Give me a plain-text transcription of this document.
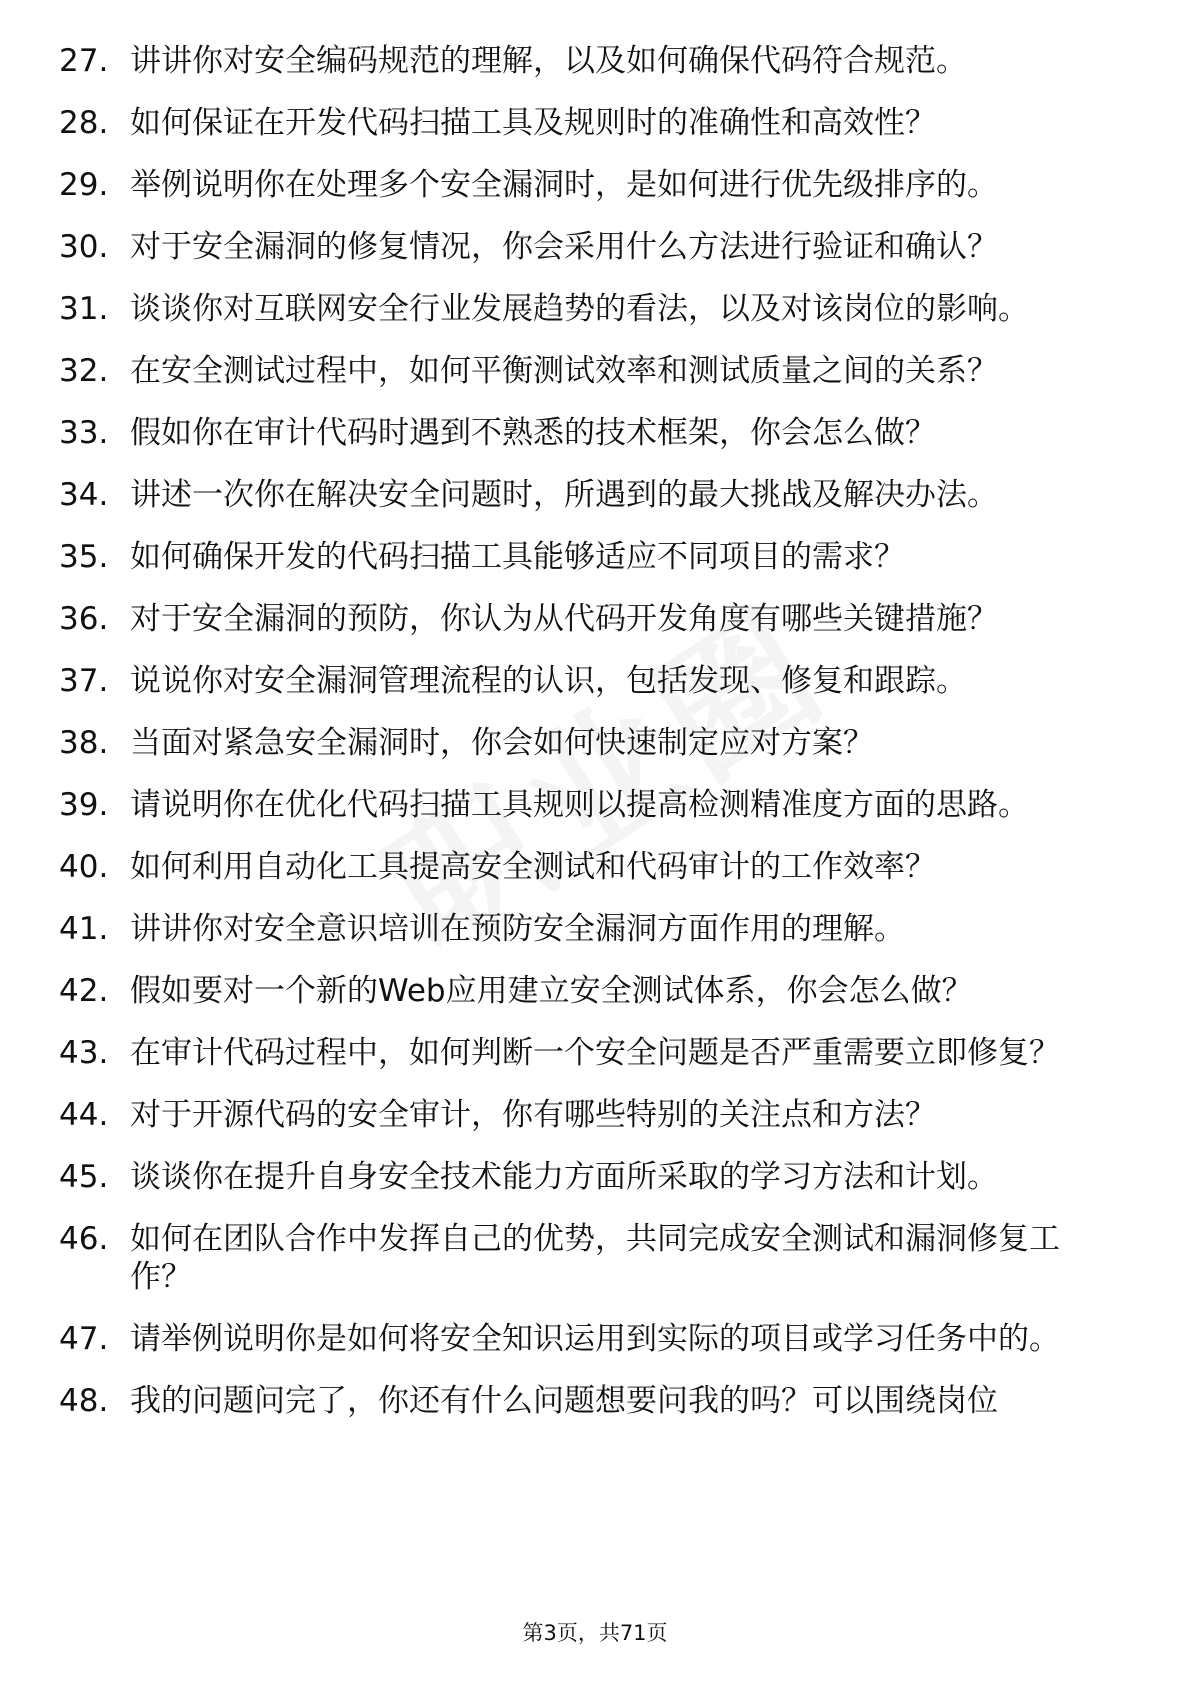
27. 讲讲你对安全编码规范的理解，以及如何确保代码符合规范。
28. 如何保证在开发代码扫描工具及规则时的准确性和高效性？
29. 举例说明你在处理多个安全漏洞时，是如何进行优先级排序的。
30. 对于安全漏洞的修复情况，你会采用什么方法进行验证和确认？
31. 谈谈你对互联网安全行业发展趋势的看法，以及对该岗位的影响。
32. 在安全测试过程中，如何平衡测试效率和测试质量之间的关系？
33. 假如你在审计代码时遇到不熟悉的技术框架，你会怎么做？
34. 讲述一次你在解决安全问题时，所遇到的最大挑战及解决办法。
35. 如何确保开发的代码扫描工具能够适应不同项目的需求？
36. 对于安全漏洞的预防，你认为从代码开发角度有哪些关键措施？
37. 说说你对安全漏洞管理流程的认识，包括发现、修复和跟踪。
38. 当面对紧急安全漏洞时，你会如何快速制定应对方案？
39. 请说明你在优化代码扫描工具规则以提高检测精准度方面的思路。
40. 如何利用自动化工具提高安全测试和代码审计的工作效率？
41. 讲讲你对安全意识培训在预防安全漏洞方面作用的理解。
42. 假如要对一个新的Web应用建立安全测试体系，你会怎么做？
43. 在审计代码过程中，如何判断一个安全问题是否严重需要立即修复？
44. 对于开源代码的安全审计，你有哪些特别的关注点和方法？
45. 谈谈你在提升自身安全技术能力方面所采取的学习方法和计划。
46. 如何在团队合作中发挥自己的优势，共同完成安全测试和漏洞修复工作？
47. 请举例说明你是如何将安全知识运用到实际的项目或学习任务中的。
48. 我的问题问完了，你还有什么问题想要问我的吗？可以围绕岗位
第3页，共71页
